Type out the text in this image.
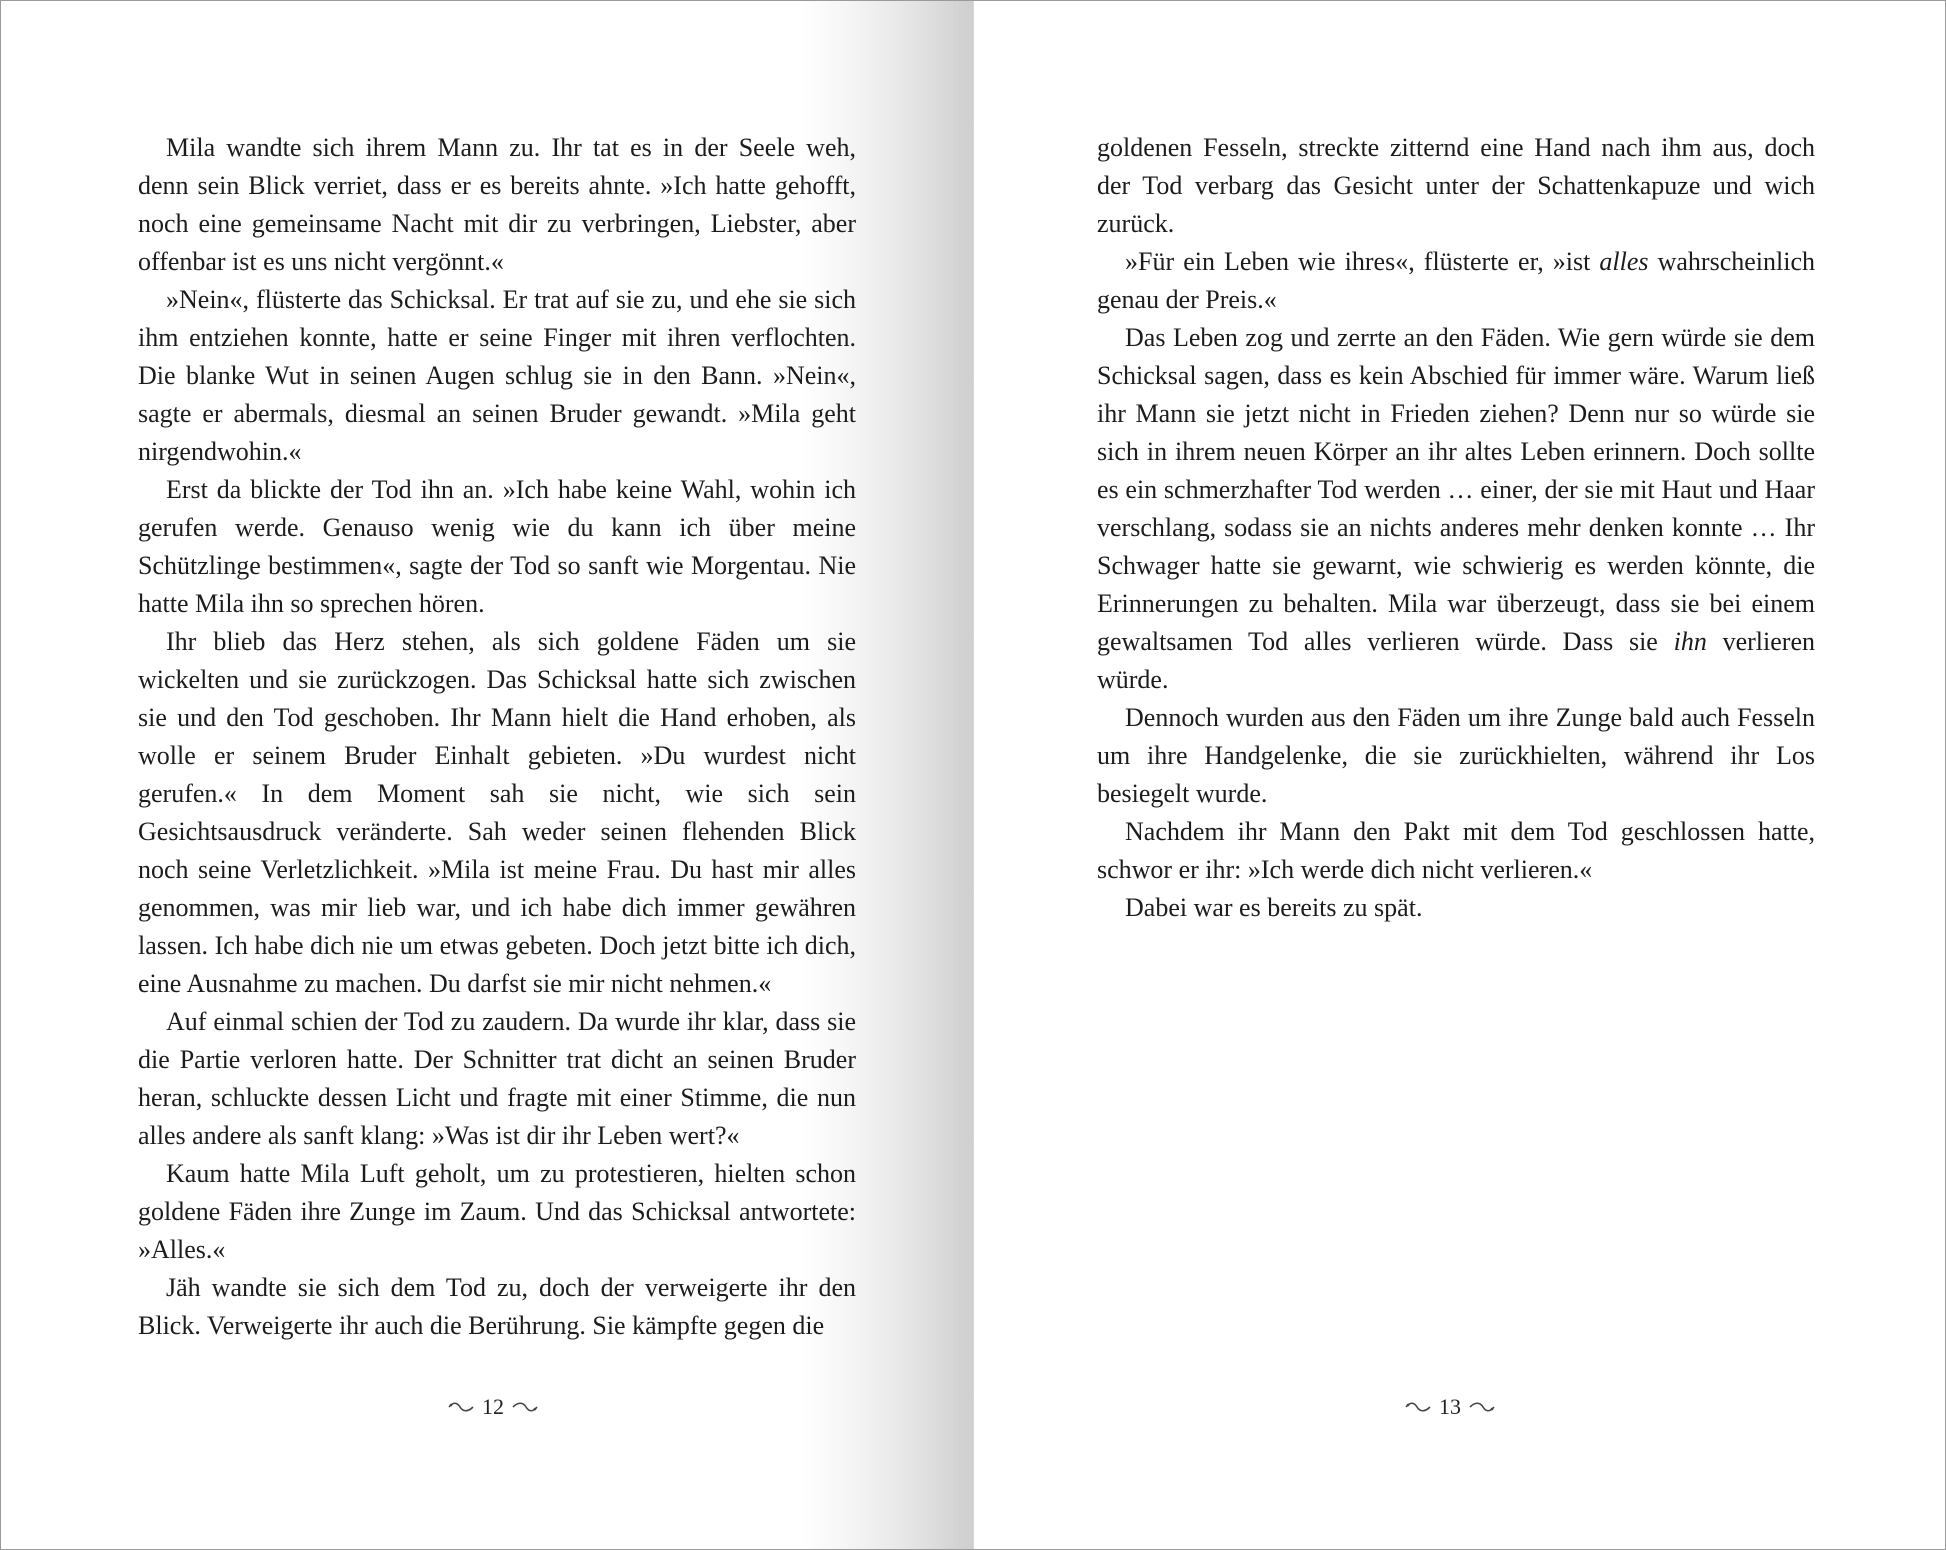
Mila wandte sich ihrem Mann zu. Ihr tat es in der Seele weh, denn sein Blick verriet, dass er es bereits ahnte. »Ich hatte gehofft, noch eine gemeinsame Nacht mit dir zu verbringen, Liebster, aber offenbar ist es uns nicht vergönnt.«

»Nein«, flüsterte das Schicksal. Er trat auf sie zu, und ehe sie sich ihm entziehen konnte, hatte er seine Finger mit ihren verflochten. Die blanke Wut in seinen Augen schlug sie in den Bann. »Nein«, sagte er abermals, diesmal an seinen Bruder gewandt. »Mila geht nirgendwohin.«

Erst da blickte der Tod ihn an. »Ich habe keine Wahl, wohin ich gerufen werde. Genauso wenig wie du kann ich über meine Schützlinge bestimmen«, sagte der Tod so sanft wie Morgentau. Nie hatte Mila ihn so sprechen hören.

Ihr blieb das Herz stehen, als sich goldene Fäden um sie wickelten und sie zurückzogen. Das Schicksal hatte sich zwischen sie und den Tod geschoben. Ihr Mann hielt die Hand erhoben, als wolle er seinem Bruder Einhalt gebieten. »Du wurdest nicht gerufen.« In dem Moment sah sie nicht, wie sich sein Gesichtsausdruck veränderte. Sah weder seinen flehenden Blick noch seine Verletzlichkeit. »Mila ist meine Frau. Du hast mir alles genommen, was mir lieb war, und ich habe dich immer gewähren lassen. Ich habe dich nie um etwas gebeten. Doch jetzt bitte ich dich, eine Ausnahme zu machen. Du darfst sie mir nicht nehmen.«

Auf einmal schien der Tod zu zaudern. Da wurde ihr klar, dass sie die Partie verloren hatte. Der Schnitter trat dicht an seinen Bruder heran, schluckte dessen Licht und fragte mit einer Stimme, die nun alles andere als sanft klang: »Was ist dir ihr Leben wert?«

Kaum hatte Mila Luft geholt, um zu protestieren, hielten schon goldene Fäden ihre Zunge im Zaum. Und das Schicksal antwortete: »Alles.«

Jäh wandte sie sich dem Tod zu, doch der verweigerte ihr den Blick. Verweigerte ihr auch die Berührung. Sie kämpfte gegen die

12

goldenen Fesseln, streckte zitternd eine Hand nach ihm aus, doch der Tod verbarg das Gesicht unter der Schattenkapuze und wich zurück.

»Für ein Leben wie ihres«, flüsterte er, »ist alles wahrscheinlich genau der Preis.«

Das Leben zog und zerrte an den Fäden. Wie gern würde sie dem Schicksal sagen, dass es kein Abschied für immer wäre. Warum ließ ihr Mann sie jetzt nicht in Frieden ziehen? Denn nur so würde sie sich in ihrem neuen Körper an ihr altes Leben erinnern. Doch sollte es ein schmerzhafter Tod werden … einer, der sie mit Haut und Haar verschlang, sodass sie an nichts anderes mehr denken konnte … Ihr Schwager hatte sie gewarnt, wie schwierig es werden könnte, die Erinnerungen zu behalten. Mila war überzeugt, dass sie bei einem gewaltsamen Tod alles verlieren würde. Dass sie ihn verlieren würde.

Dennoch wurden aus den Fäden um ihre Zunge bald auch Fesseln um ihre Handgelenke, die sie zurückhielten, während ihr Los besiegelt wurde.

Nachdem ihr Mann den Pakt mit dem Tod geschlossen hatte, schwor er ihr: »Ich werde dich nicht verlieren.«

Dabei war es bereits zu spät.

13
